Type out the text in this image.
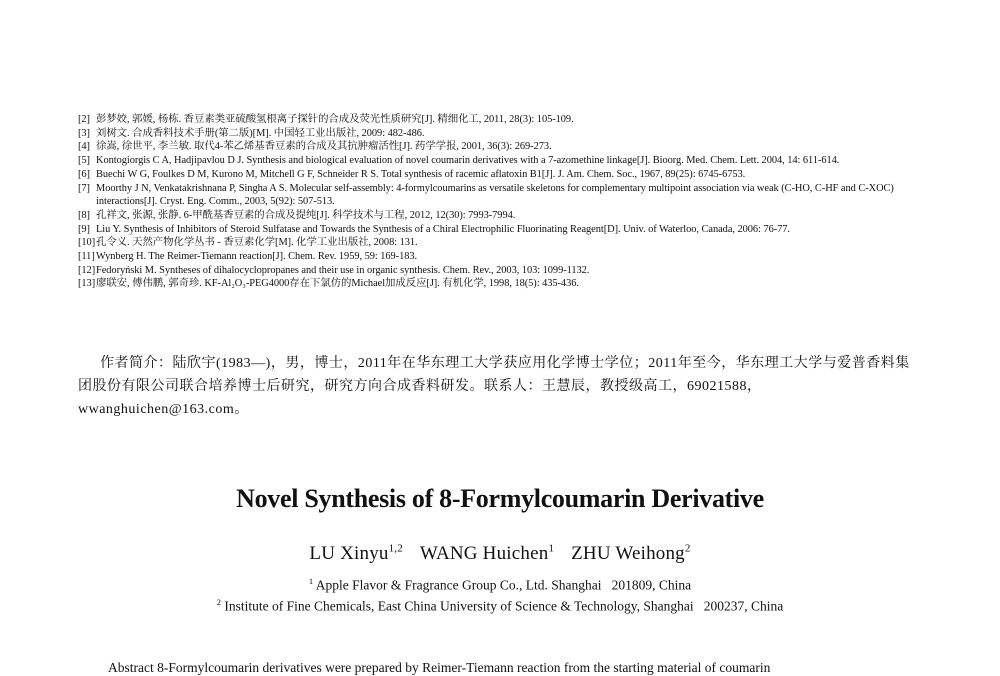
[2] 彭梦姣, 郭媛, 杨栋. 香豆素类亚硫酸氢根离子探针的合成及荧光性质研究[J]. 精细化工, 2011, 28(3): 105-109.
[3] 刘树文. 合成香料技术手册(第二版)[M]. 中国轻工业出版社, 2009: 482-486.
[4] 徐嵩, 徐世平, 李兰敏. 取代4-苯乙烯基香豆素的合成及其抗肿瘤活性[J]. 药学学报, 2001, 36(3): 269-273.
[5] Kontogiorgis C A, Hadjipavlou D J. Synthesis and biological evaluation of novel coumarin derivatives with a 7-azomethine linkage[J]. Bioorg. Med. Chem. Lett. 2004, 14: 611-614.
[6] Buechi W G, Foulkes D M, Kurono M, Mitchell G F, Schneider R S. Total synthesis of racemic aflatoxin B1[J]. J. Am. Chem. Soc., 1967, 89(25): 6745-6753.
[7] Moorthy J N, Venkatakrishnana P, Singha A S. Molecular self-assembly: 4-formylcoumarins as versatile skeletons for complementary multipoint association via weak (C-HO, C-HF and C-XOC) interactions[J]. Cryst. Eng. Comm., 2003, 5(92): 507-513.
[8] 孔祥文, 张源, 张静. 6-甲酰基香豆素的合成及提纯[J]. 科学技术与工程, 2012, 12(30): 7993-7994.
[9] Liu Y. Synthesis of Inhibitors of Steroid Sulfatase and Towards the Synthesis of a Chiral Electrophilic Fluorinating Reagent[D]. Univ. of Waterloo, Canada, 2006: 76-77.
[10] 孔令义. 天然产物化学丛书 - 香豆素化学[M]. 化学工业出版社, 2008: 131.
[11] Wynberg H. The Reimer-Tiemann reaction[J]. Chem. Rev. 1959, 59: 169-183.
[12] Fedoryński M. Syntheses of dihalocyclopropanes and their use in organic synthesis. Chem. Rev., 2003, 103: 1099-1132.
[13] 廖联安, 傅伟鹏, 郭奇珍. KF-Al₂O₃-PEG4000存在下氯仿的Michael加成反应[J]. 有机化学, 1998, 18(5): 435-436.

作者简介：陆欣宇(1983—)，男，博士，2011年在华东理工大学获应用化学博士学位；2011年至今，华东理工大学与爱普香料集团股份有限公司联合培养博士后研究，研究方向合成香料研发。联系人：王慧辰，教授级高工，69021588，wwanghuichen@163.com。

Novel Synthesis of 8-Formylcoumarin Derivative
LU Xinyu$^{1,2}$ WANG Huichen$^1$ ZHU Weihong$^2$
$^1$ Apple Flavor & Fragrance Group Co., Ltd. Shanghai   201809, China
$^2$ Institute of Fine Chemicals, East China University of Science & Technology, Shanghai   200237, China
Abstract 8-Formylcoumarin derivatives were prepared by Reimer-Tiemann reaction from the starting material of coumarin
